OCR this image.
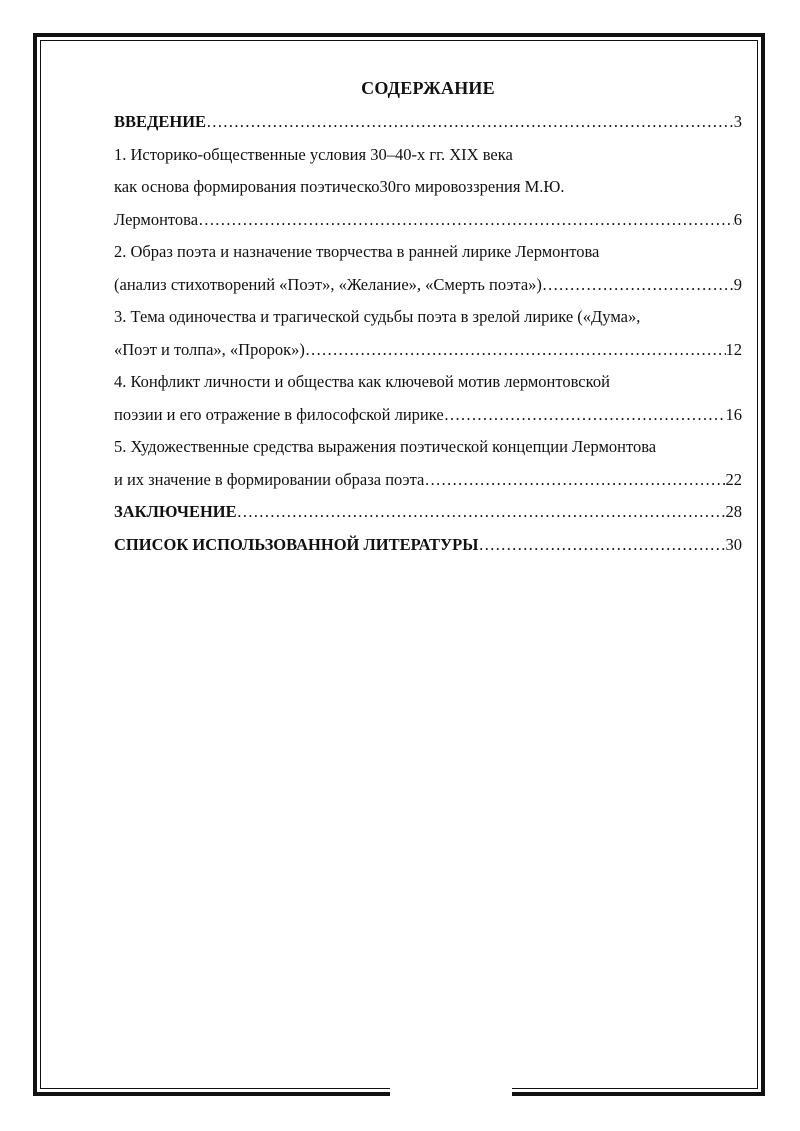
СОДЕРЖАНИЕ
ВВЕДЕНИЕ …………………………………………………………………………………………………………………………………………………………………	3
1. Историко-общественные условия 30–40-х гг. XIX века
как основа формирования поэтическо30го мировоззрения М.Ю.
Лермонтова …………………………………………………………………………………………………………………………………………………………………	6
2. Образ поэта и назначение творчества в ранней лирике Лермонтова
(анализ стихотворений «Поэт», «Желание», «Смерть поэта») …………………………………………………………………………………………………………………………………………………………………	9
3. Тема одиночества и трагической судьбы поэта в зрелой лирике («Дума»,
«Поэт и толпа», «Пророк») …………………………………………………………………………………………………………………………………………………………………	12
4. Конфликт личности и общества как ключевой мотив лермонтовской
поэзии и его отражение в философской лирике …………………………………………………………………………………………………………………………………………………………………	16
5. Художественные средства выражения поэтической концепции Лермонтова
и их значение в формировании образа поэта …………………………………………………………………………………………………………………………………………………………………	22
ЗАКЛЮЧЕНИЕ …………………………………………………………………………………………………………………………………………………………………	28
СПИСОК ИСПОЛЬЗОВАННОЙ ЛИТЕРАТУРЫ …………………………………………………………………………………………………………………………………………………………………	30
